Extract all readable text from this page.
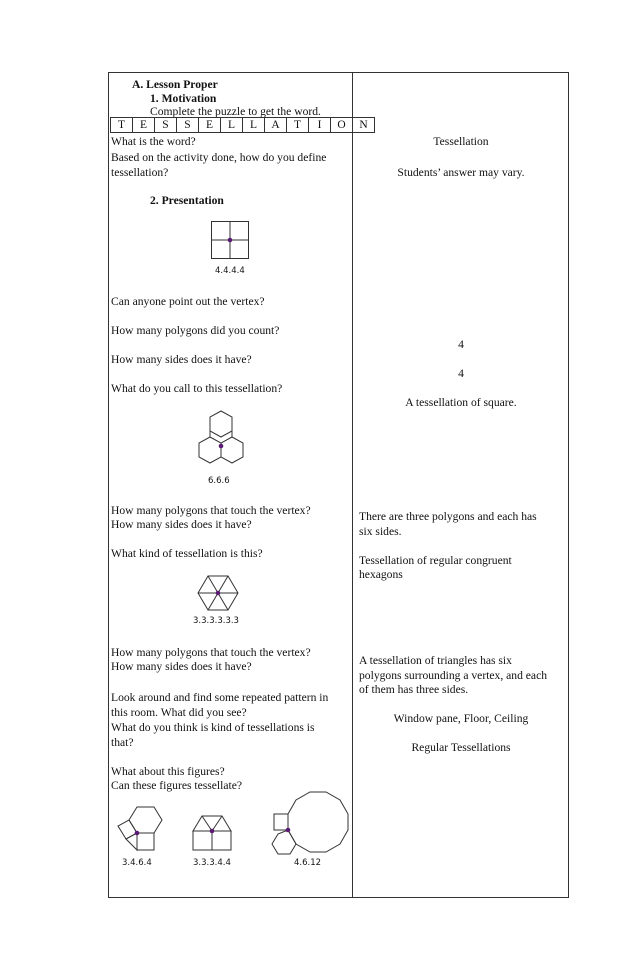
A. Lesson Proper
1. Motivation
Complete the puzzle to get the word.
T	E	S	S	E	L	L	A	T	I	O	N
What is the word?
Based on the activity done, how do you define
tessellation?
2. Presentation
4.4.4.4
Can anyone point out the vertex?
How many polygons did you count?
How many sides does it have?
What do you call to this tessellation?
6.6.6
How many polygons that touch the vertex?
How many sides does it have?
What kind of tessellation is this?
3.3.3.3.3.3
How many polygons that touch the vertex?
How many sides does it have?
Look around and find some repeated pattern in
this room. What did you see?
What do you think is kind of tessellations is
that?
What about this figures?
Can these figures tessellate?
3.4.6.4	3.3.3.4.4	4.6.12
Tessellation
Students’ answer may vary.
4
4
A tessellation of square.
There are three polygons and each has
six sides.
Tessellation of regular congruent
hexagons
A tessellation of triangles has six
polygons surrounding a vertex, and each
of them has three sides.
Window pane, Floor, Ceiling
Regular Tessellations
